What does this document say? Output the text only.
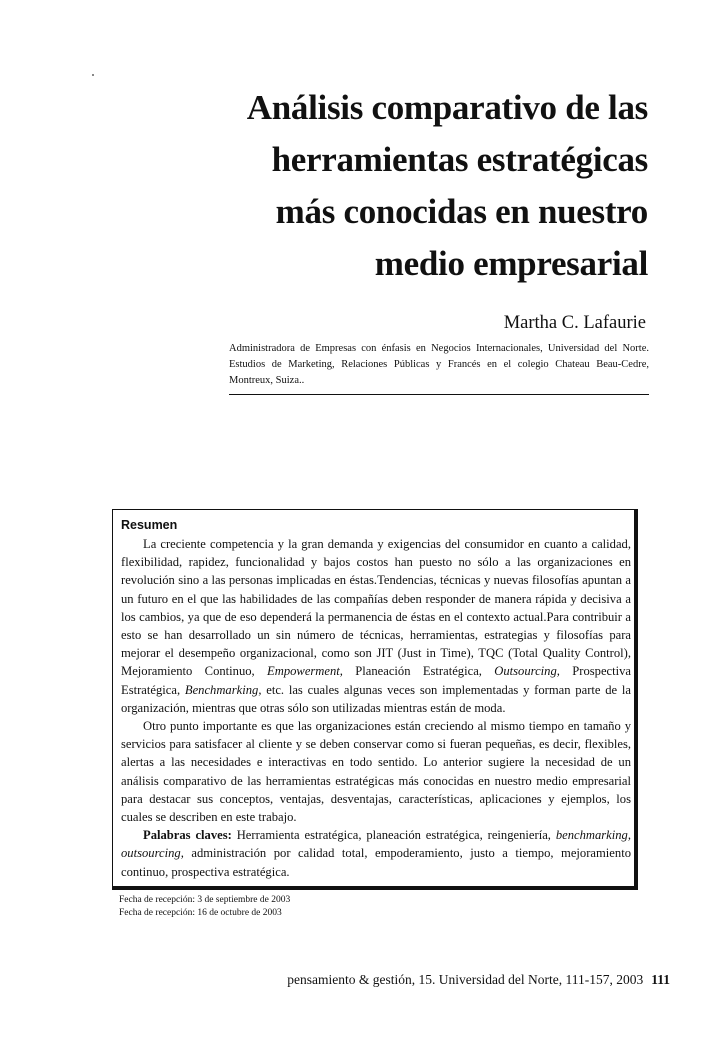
Análisis comparativo de las
herramientas estratégicas
más conocidas en nuestro
medio empresarial
Martha C. Lafaurie
Administradora de Empresas con énfasis en Negocios Internacionales, Universidad del Norte. Estudios de Marketing, Relaciones Públicas y Francés en el colegio Chateau Beau-Cedre, Montreux, Suiza..
Resumen

La creciente competencia y la gran demanda y exigencias del consumidor en cuanto a calidad, flexibilidad, rapidez, funcionalidad y bajos costos han puesto no sólo a las organizaciones en revolución sino a las personas implicadas en éstas.Tendencias, técnicas y nuevas filosofías apuntan a un futuro en el que las habilidades de las compañías deben responder de manera rápida y decisiva a los cambios, ya que de eso dependerá la permanencia de éstas en el contexto actual.Para contribuir a esto se han desarrollado un sin número de técnicas, herramientas, estrategias y filosofías para mejorar el desempeño organizacional, como son JIT (Just in Time), TQC (Total Quality Control), Mejoramiento Continuo, Empowerment, Planeación Estratégica, Outsourcing, Prospectiva Estratégica, Benchmarking, etc. las cuales algunas veces son implementadas y forman parte de la organización, mientras que otras sólo son utilizadas mientras están de moda.

Otro punto importante es que las organizaciones están creciendo al mismo tiempo en tamaño y servicios para satisfacer al cliente y se deben conservar como si fueran pequeñas, es decir, flexibles, alertas a las necesidades e interactivas en todo sentido. Lo anterior sugiere la necesidad de un análisis comparativo de las herramientas estratégicas más conocidas en nuestro medio empresarial para destacar sus conceptos, ventajas, desventajas, características, aplicaciones y ejemplos, los cuales se describen en este trabajo.

Palabras claves: Herramienta estratégica, planeación estratégica, reingeniería, benchmarking, outsourcing, administración por calidad total, empoderamiento, justo a tiempo, mejoramiento continuo, prospectiva estratégica.

Fecha de recepción: 3 de septiembre de 2003
Fecha de recepción: 16 de octubre de 2003
pensamiento & gestión, 15. Universidad del Norte, 111-157, 2003 111
